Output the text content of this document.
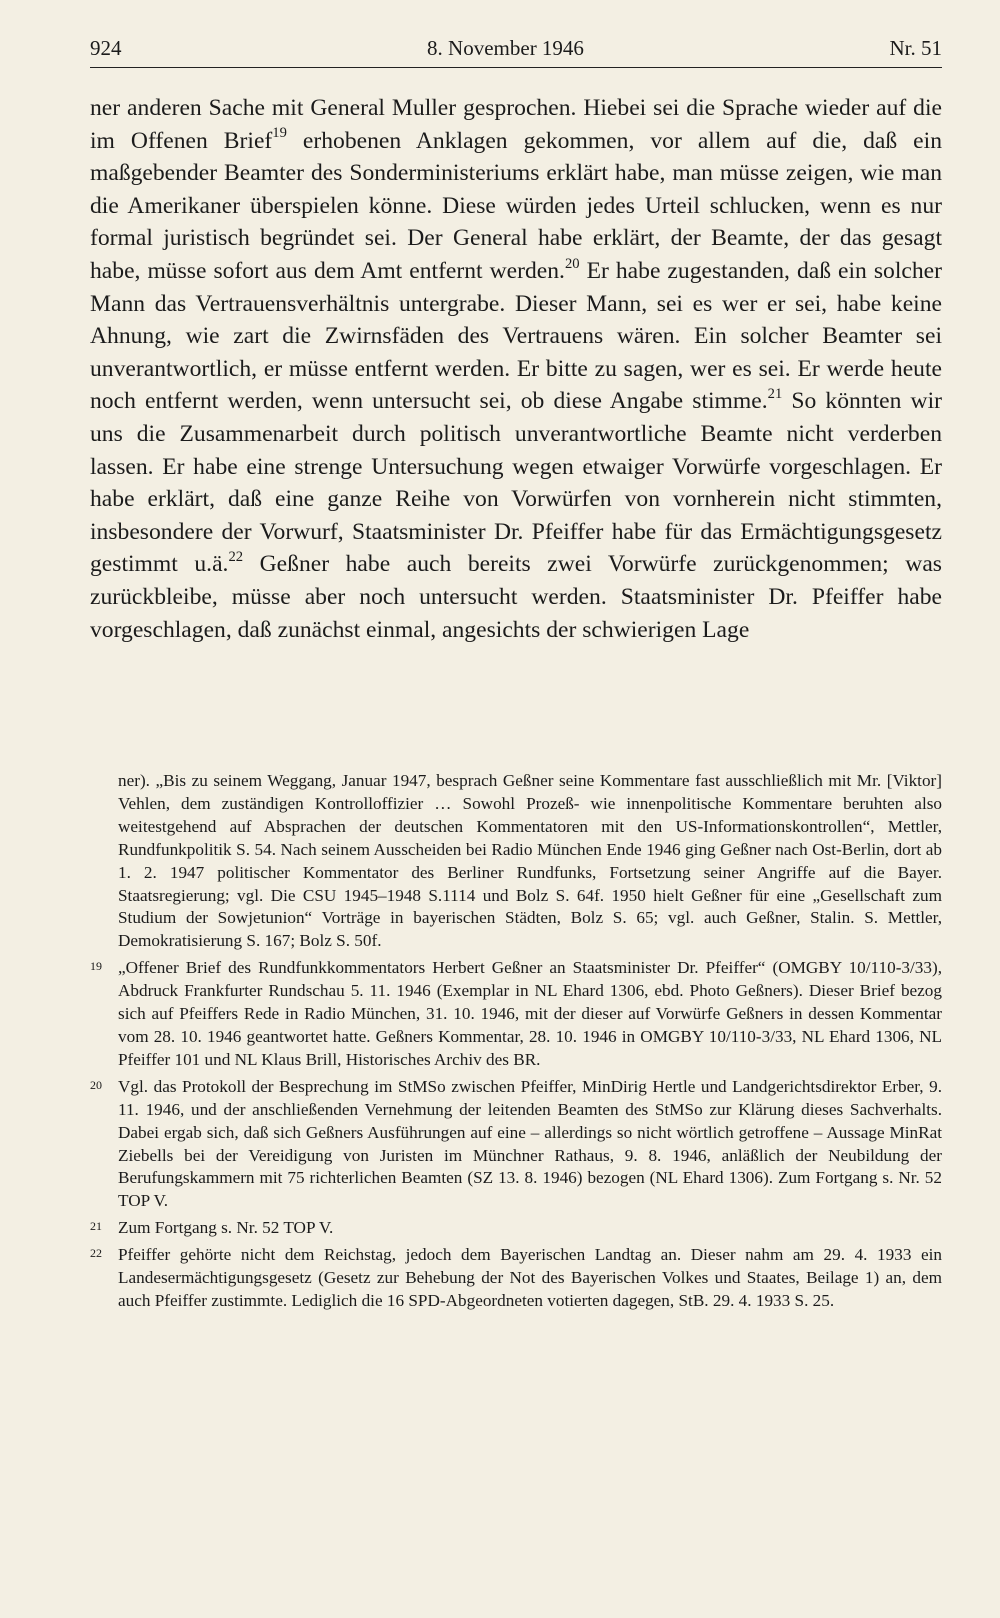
924	8. November 1946	Nr. 51

ner anderen Sache mit General Muller gesprochen. Hiebei sei die Sprache wieder auf die im Offenen Brief$^{19}$ erhobenen Anklagen gekommen, vor allem auf die, daß ein maßgebender Beamter des Sonderministeriums erklärt habe, man müsse zeigen, wie man die Amerikaner überspielen könne. Diese würden jedes Urteil schlucken, wenn es nur formal juristisch begründet sei. Der General habe erklärt, der Beamte, der das gesagt habe, müsse sofort aus dem Amt entfernt werden.$^{20}$ Er habe zugestanden, daß ein solcher Mann das Vertrauensverhältnis untergrabe. Dieser Mann, sei es wer er sei, habe keine Ahnung, wie zart die Zwirnsfäden des Vertrauens wären. Ein solcher Beamter sei unverantwortlich, er müsse entfernt werden. Er bitte zu sagen, wer es sei. Er werde heute noch entfernt werden, wenn untersucht sei, ob diese Angabe stimme.$^{21}$ So könnten wir uns die Zusammenarbeit durch politisch unverantwortliche Beamte nicht verderben lassen. Er habe eine strenge Untersuchung wegen etwaiger Vorwürfe vorgeschlagen. Er habe erklärt, daß eine ganze Reihe von Vorwürfen von vornherein nicht stimmten, insbesondere der Vorwurf, Staatsminister Dr. Pfeiffer habe für das Ermächtigungsgesetz gestimmt u.ä.$^{22}$ Geßner habe auch bereits zwei Vorwürfe zurückgenommen; was zurückbleibe, müsse aber noch untersucht werden. Staatsminister Dr. Pfeiffer habe vorgeschlagen, daß zunächst einmal, angesichts der schwierigen Lage

ner). „Bis zu seinem Weggang, Januar 1947, besprach Geßner seine Kommentare fast ausschließlich mit Mr. [Viktor] Vehlen, dem zuständigen Kontrolloffizier … Sowohl Prozeß- wie innenpolitische Kommentare beruhten also weitestgehend auf Absprachen der deutschen Kommentatoren mit den US-Informationskontrollen“, Mettler, Rundfunkpolitik S. 54. Nach seinem Ausscheiden bei Radio München Ende 1946 ging Geßner nach Ost-Berlin, dort ab 1. 2. 1947 politischer Kommentator des Berliner Rundfunks, Fortsetzung seiner Angriffe auf die Bayer. Staatsregierung; vgl. Die CSU 1945–1948 S.1114 und Bolz S. 64f. 1950 hielt Geßner für eine „Gesellschaft zum Studium der Sowjetunion“ Vorträge in bayerischen Städten, Bolz S. 65; vgl. auch Geßner, Stalin. S. Mettler, Demokratisierung S. 167; Bolz S. 50f.
19 „Offener Brief des Rundfunkkommentators Herbert Geßner an Staatsminister Dr. Pfeiffer“ (OMGBY 10/110-3/33), Abdruck Frankfurter Rundschau 5. 11. 1946 (Exemplar in NL Ehard 1306, ebd. Photo Geßners). Dieser Brief bezog sich auf Pfeiffers Rede in Radio München, 31. 10. 1946, mit der dieser auf Vorwürfe Geßners in dessen Kommentar vom 28. 10. 1946 geantwortet hatte. Geßners Kommentar, 28. 10. 1946 in OMGBY 10/110-3/33, NL Ehard 1306, NL Pfeiffer 101 und NL Klaus Brill, Historisches Archiv des BR.
20 Vgl. das Protokoll der Besprechung im StMSo zwischen Pfeiffer, MinDirig Hertle und Landgerichtsdirektor Erber, 9. 11. 1946, und der anschließenden Vernehmung der leitenden Beamten des StMSo zur Klärung dieses Sachverhalts. Dabei ergab sich, daß sich Geßners Ausführungen auf eine – allerdings so nicht wörtlich getroffene – Aussage MinRat Ziebells bei der Vereidigung von Juristen im Münchner Rathaus, 9. 8. 1946, anläßlich der Neubildung der Berufungskammern mit 75 richterlichen Beamten (SZ 13. 8. 1946) bezogen (NL Ehard 1306). Zum Fortgang s. Nr. 52 TOP V.
21 Zum Fortgang s. Nr. 52 TOP V.
22 Pfeiffer gehörte nicht dem Reichstag, jedoch dem Bayerischen Landtag an. Dieser nahm am 29. 4. 1933 ein Landesermächtigungsgesetz (Gesetz zur Behebung der Not des Bayerischen Volkes und Staates, Beilage 1) an, dem auch Pfeiffer zustimmte. Lediglich die 16 SPD-Abgeordneten votierten dagegen, StB. 29. 4. 1933 S. 25.
